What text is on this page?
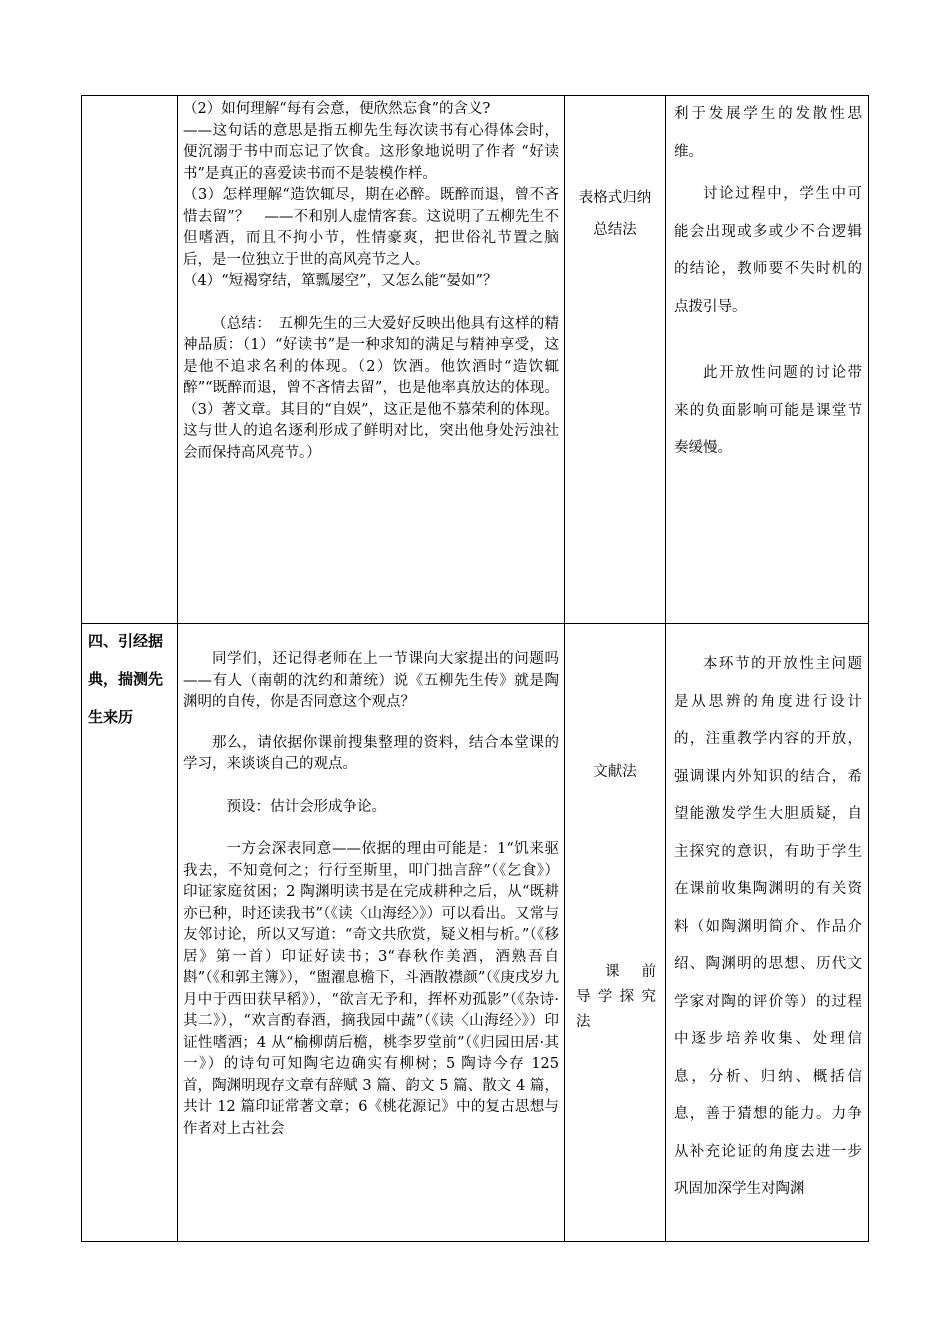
（2）如何理解“每有会意，便欣然忘食”的含义?

——这句话的意思是指五柳先生每次读书有心得体会时，便沉溺于书中而忘记了饮食。这形象地说明了作者 “好读书”是真正的喜爱读书而不是装模作样。

（3）怎样理解“造饮辄尽，期在必醉。既醉而退，曾不吝惜去留”？　——不和别人虚情客套。这说明了五柳先生不但嗜酒，而且不拘小节，性情豪爽，把世俗礼节置之脑后，是一位独立于世的高风亮节之人。

（4）“短褐穿结，箪瓢屡空”，又怎么能“晏如”？

（总结：　五柳先生的三大爱好反映出他具有这样的精神品质：（1）“好读书”是一种求知的满足与精神享受，这是他不追求名利的体现。（2）饮酒。他饮酒时“造饮辄醉”“既醉而退，曾不吝情去留”，也是他率真放达的体现。（3）著文章。其目的“自娱”，这正是他不慕荣利的体现。这与世人的追名逐利形成了鲜明对比，突出他身处污浊社会而保持高风亮节。）

表格式归纳总结法

利于发展学生的发散性思维。

讨论过程中，学生中可能会出现或多或少不合逻辑的结论，教师要不失时机的点拨引导。

此开放性问题的讨论带来的负面影响可能是课堂节奏缓慢。

四、引经据典，揣测先生来历

同学们，还记得老师在上一节课向大家提出的问题吗——有人（南朝的沈约和萧统）说《五柳先生传》就是陶渊明的自传，你是否同意这个观点？

那么，请依据你课前搜集整理的资料，结合本堂课的学习，来谈谈自己的观点。

预设：估计会形成争论。

一方会深表同意——依据的理由可能是：1“饥来驱我去，不知竟何之；行行至斯里，叩门拙言辞”（《乞食》）印证家庭贫困；2 陶渊明读书是在完成耕种之后，从“既耕亦已种，时还读我书”（《读〈山海经〉》）可以看出。又常与友邻讨论，所以又写道：“奇文共欣赏，疑义相与析。”（《移居》第一首）印证好读书；3“春秋作美酒，酒熟吾自斟”（《和郭主簿》），“盥濯息檐下，斗酒散襟颜”（《庚戌岁九月中于西田获早稻》），“欲言无予和，挥杯劝孤影”（《杂诗·其二》），“欢言酌春酒，摘我园中蔬”（《读〈山海经〉》）印证性嗜酒；4 从“榆柳荫后檐，桃李罗堂前”（《归园田居·其一》）的诗句可知陶宅边确实有柳树；5 陶诗今存 125 首，陶渊明现存文章有辞赋 3 篇、韵文 5 篇、散文 4 篇，共计 12 篇印证常著文章；6《桃花源记》中的复古思想与作者对上古社会

文献法
课　前导 学 探 究法

本环节的开放性主问题是从思辨的角度进行设计的，注重教学内容的开放，强调课内外知识的结合，希望能激发学生大胆质疑，自主探究的意识，有助于学生在课前收集陶渊明的有关资料（如陶渊明简介、作品介绍、陶渊明的思想、历代文学家对陶的评价等）的过程中逐步培养收集、处理信息，分析、归纳、概括信息，善于猜想的能力。力争从补充论证的角度去进一步巩固加深学生对陶渊
